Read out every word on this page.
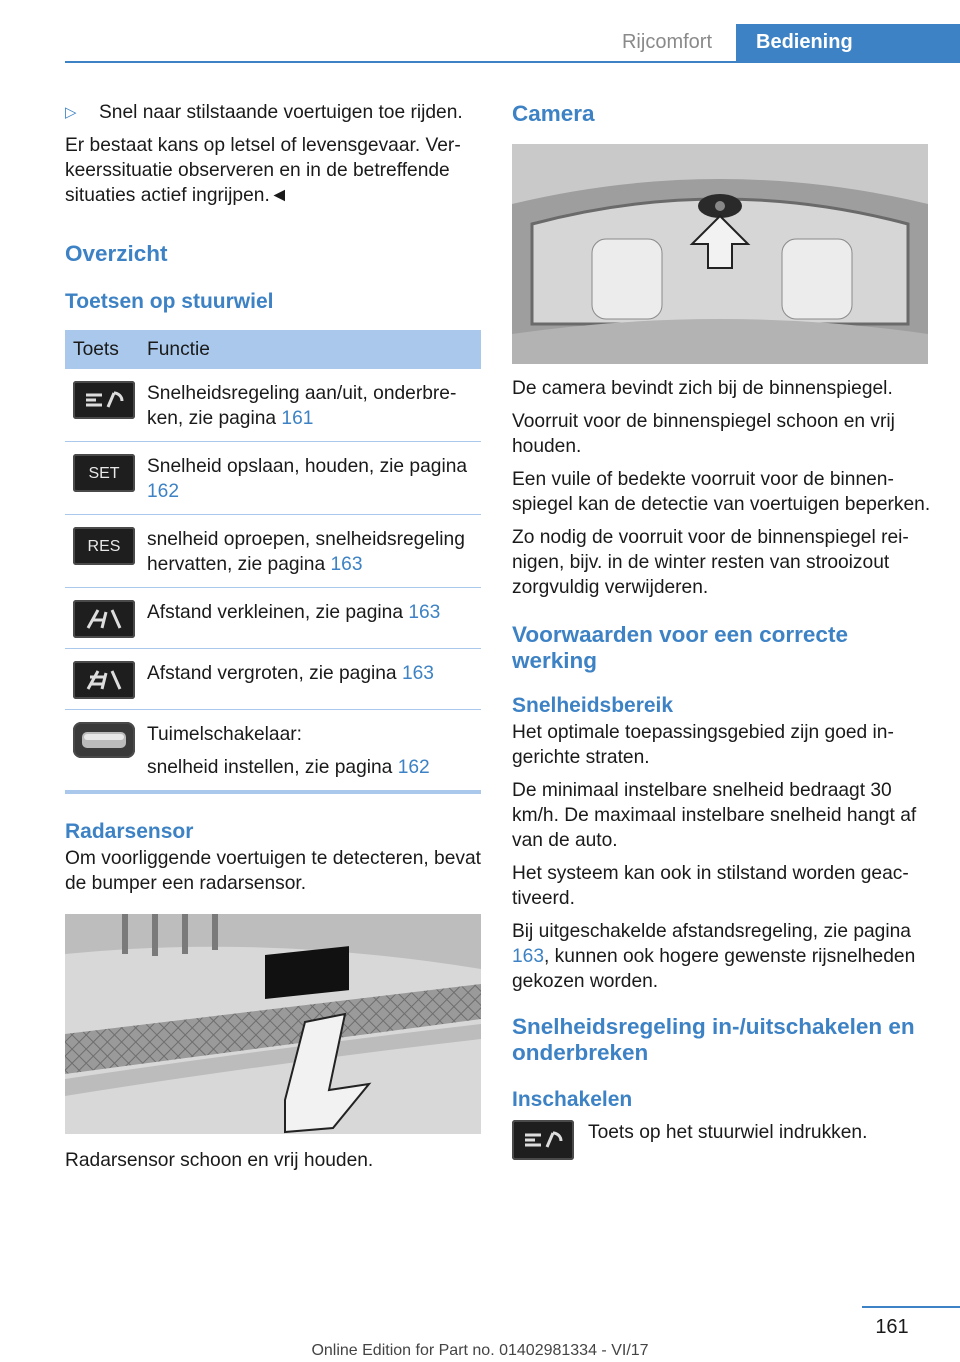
Rijcomfort	Bediening
▷	Snel naar stilstaande voertuigen toe rijden.

Er bestaat kans op letsel of levensgevaar. Verkeerssituatie observeren en in de betreffende situaties actief ingrijpen.◄

Overzicht
Toetsen op stuurwiel
Toets	Functie

	Snelheidsregeling aan/uit, onderbreken, zie pagina 161

SET	Snelheid opslaan, houden, zie pagina 162

RES	snelheid oproepen, snelheidsregeling hervatten, zie pagina 163

	Afstand verkleinen, zie pagina 163

	Afstand vergroten, zie pagina 163

Tuimelschakelaar:
snelheid instellen, zie pagina 162
Radarsensor

Om voorliggende voertuigen te detecteren, bevat de bumper een radarsensor.

Radarsensor schoon en vrij houden.

Camera

De camera bevindt zich bij de binnenspiegel.

Voorruit voor de binnenspiegel schoon en vrij houden.

Een vuile of bedekte voorruit voor de binnenspiegel kan de detectie van voertuigen beperken.

Zo nodig de voorruit voor de binnenspiegel reinigen, bijv. in de winter resten van strooizout zorgvuldig verwijderen.

Voorwaarden voor een correcte werking
Snelheidsbereik

Het optimale toepassingsgebied zijn goed ingerichte straten.

De minimaal instelbare snelheid bedraagt 30 km/h. De maximaal instelbare snelheid hangt af van de auto.

Het systeem kan ook in stilstand worden geactiveerd.

Bij uitgeschakelde afstandsregeling, zie pagina 163, kunnen ook hogere gewenste rijsnelheden gekozen worden.

Snelheidsregeling in-/uitschakelen en onderbreken
Inschakelen

Toets op het stuurwiel indrukken.

161
Online Edition for Part no. 01402981334 - VI/17
